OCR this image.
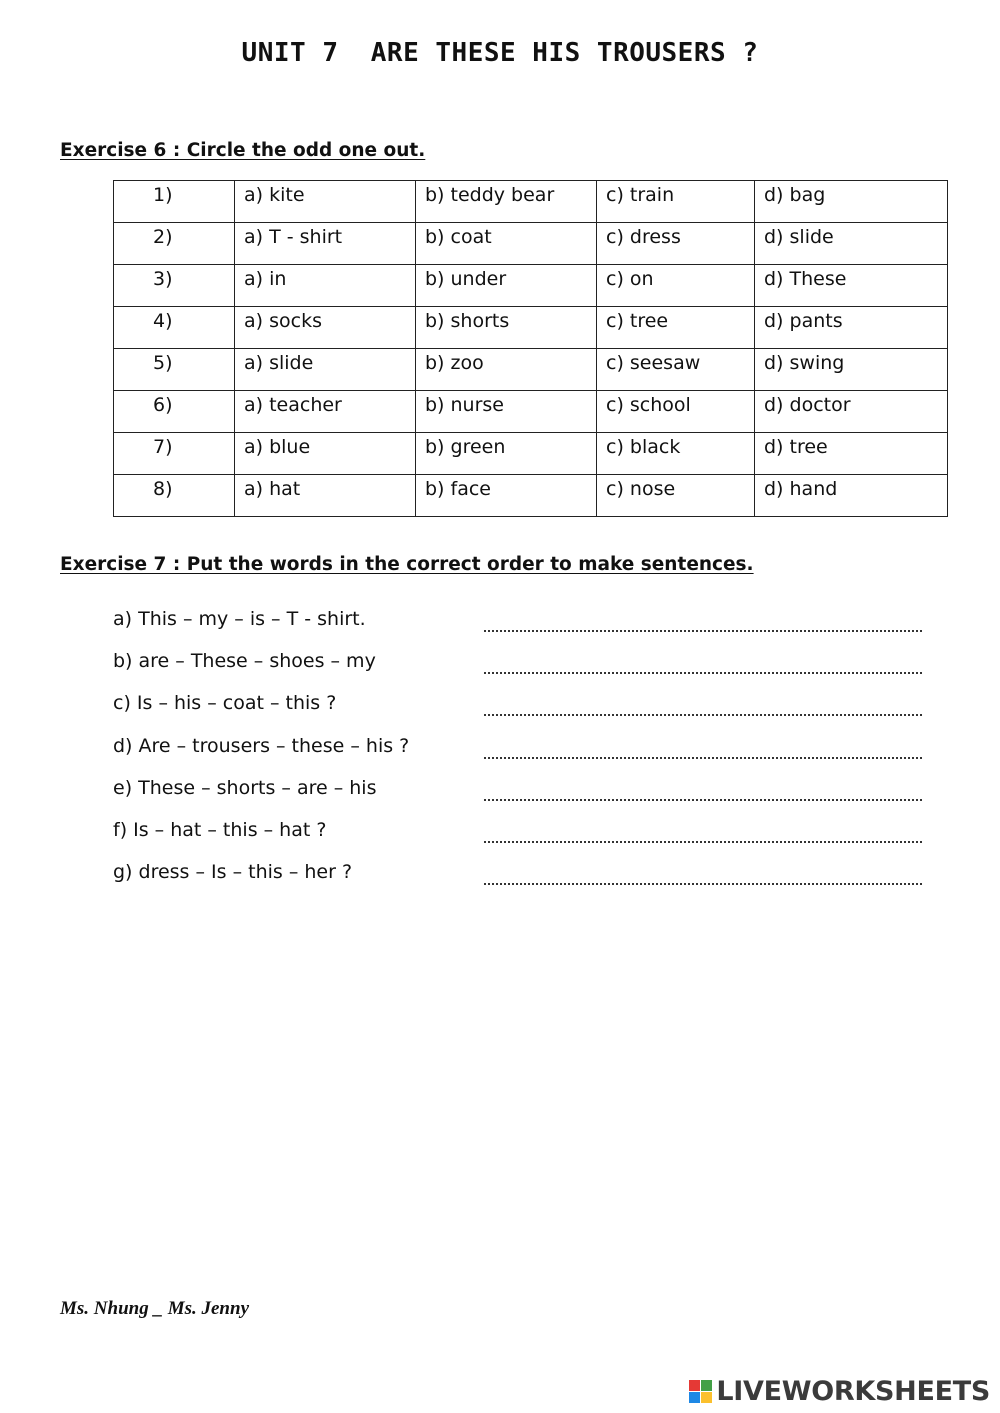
UNIT 7  ARE THESE HIS TROUSERS ?
Exercise 6 : Circle the odd one out.
1)	a) kite	b) teddy bear	c) train	d) bag
2)	a) T - shirt	b) coat	c) dress	d) slide
3)	a) in	b) under	c) on	d) These
4)	a) socks	b) shorts	c) tree	d) pants
5)	a) slide	b) zoo	c) seesaw	d) swing
6)	a) teacher	b) nurse	c) school	d) doctor
7)	a) blue	b) green	c) black	d) tree
8)	a) hat	b) face	c) nose	d) hand
Exercise 7 : Put the words in the correct order to make sentences.
a) This – my – is – T - shirt.
b) are – These – shoes – my
c) Is – his – coat – this ?
d) Are – trousers – these – his ?
e) These – shorts – are – his
f) Is – hat – this – hat ?
g) dress – Is – this – her ?
Ms. Nhung _ Ms. Jenny
LIVEWORKSHEETS
